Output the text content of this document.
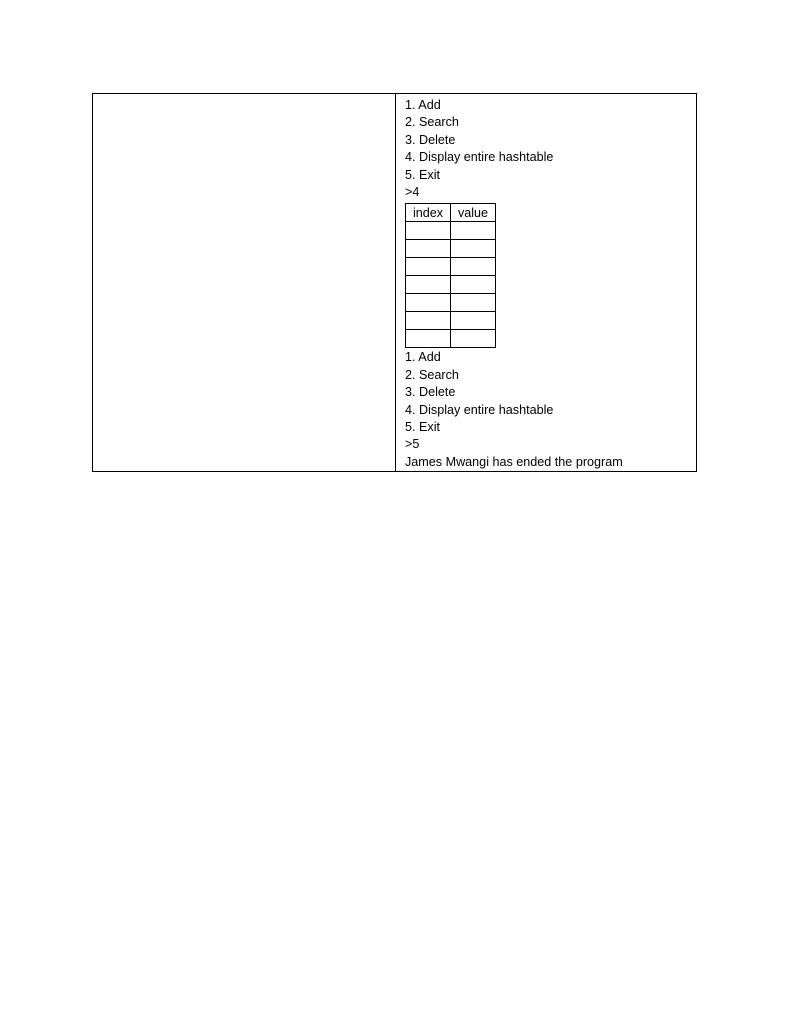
1. Add
2. Search
3. Delete
4. Display entire hashtable
5. Exit
>4
index	value

1. Add
2. Search
3. Delete
4. Display entire hashtable
5. Exit
>5
James Mwangi has ended the program
